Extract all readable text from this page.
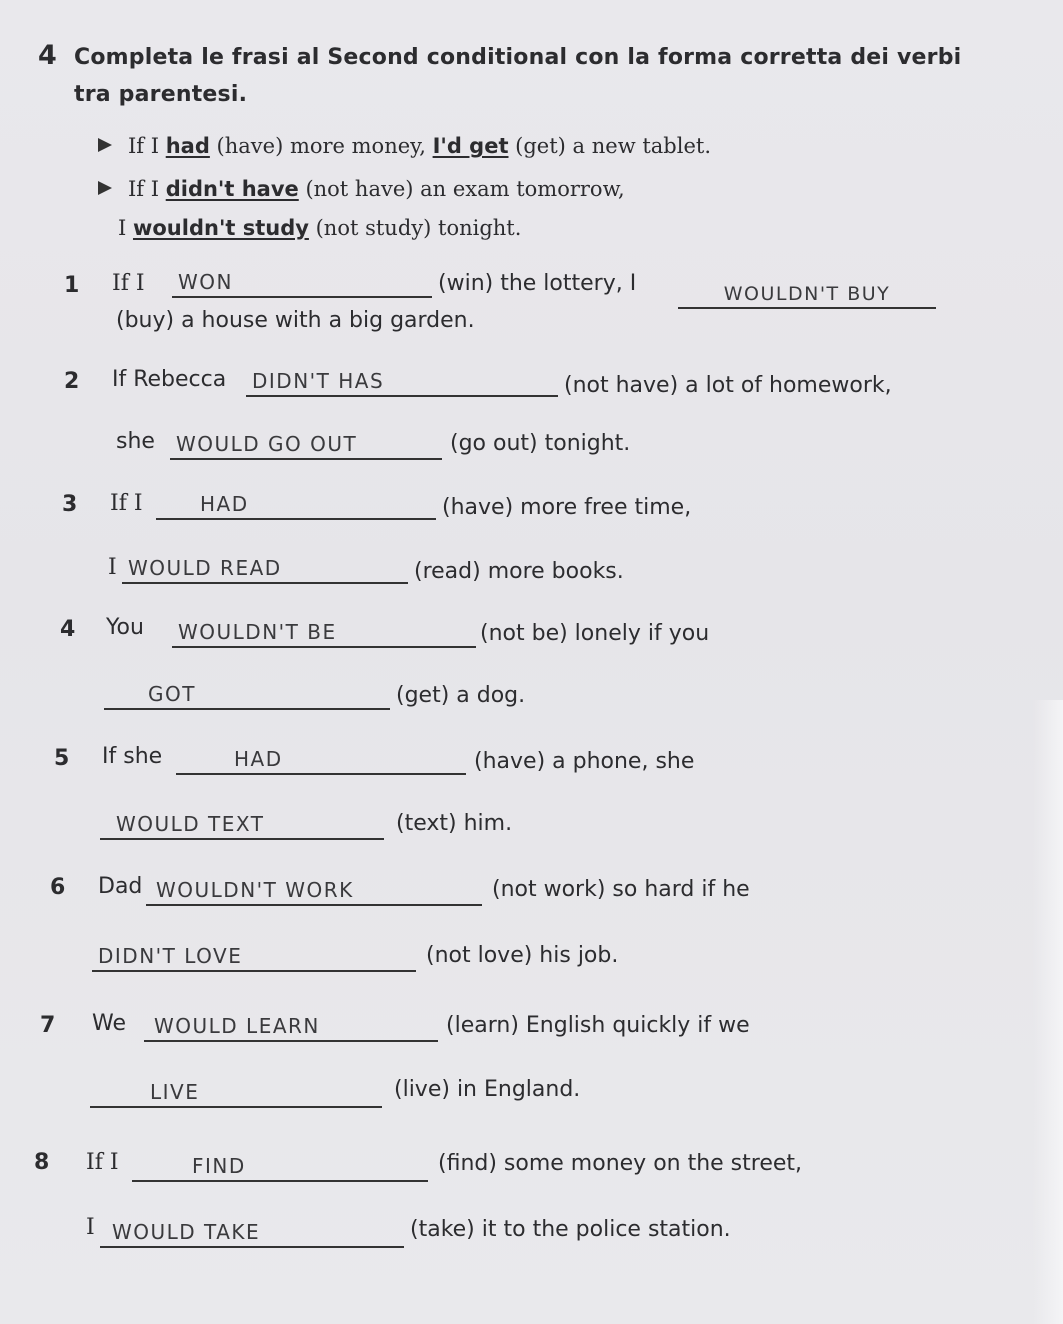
4 Completa le frasi al Second conditional con la forma corretta dei verbi
tra parentesi.
If I had (have) more money, I'd get (get) a new tablet.
If I didn't have (not have) an exam tomorrow,
I wouldn't study (not study) tonight.
1 If I	WON	(win) the lottery, I	WOULDN'T BUY
(buy) a house with a big garden.
2 If Rebecca	DIDN'T HAS	(not have) a lot of homework,
she	WOULD GO OUT	(go out) tonight.
3 If I	HAD	(have) more free time,
I WOULD READ	(read) more books.
4 You	WOULDN'T BE	(not be) lonely if you
GOT	(get) a dog.
5 If she	HAD	(have) a phone, she
WOULD TEXT	(text) him.
6 Dad WOULDN'T WORK	(not work) so hard if he
DIDN'T LOVE	(not love) his job.
7 We	WOULD LEARN	(learn) English quickly if we
LIVE	(live) in England.
8 If I	FIND	(find) some money on the street,
I WOULD TAKE	(take) it to the police station.
